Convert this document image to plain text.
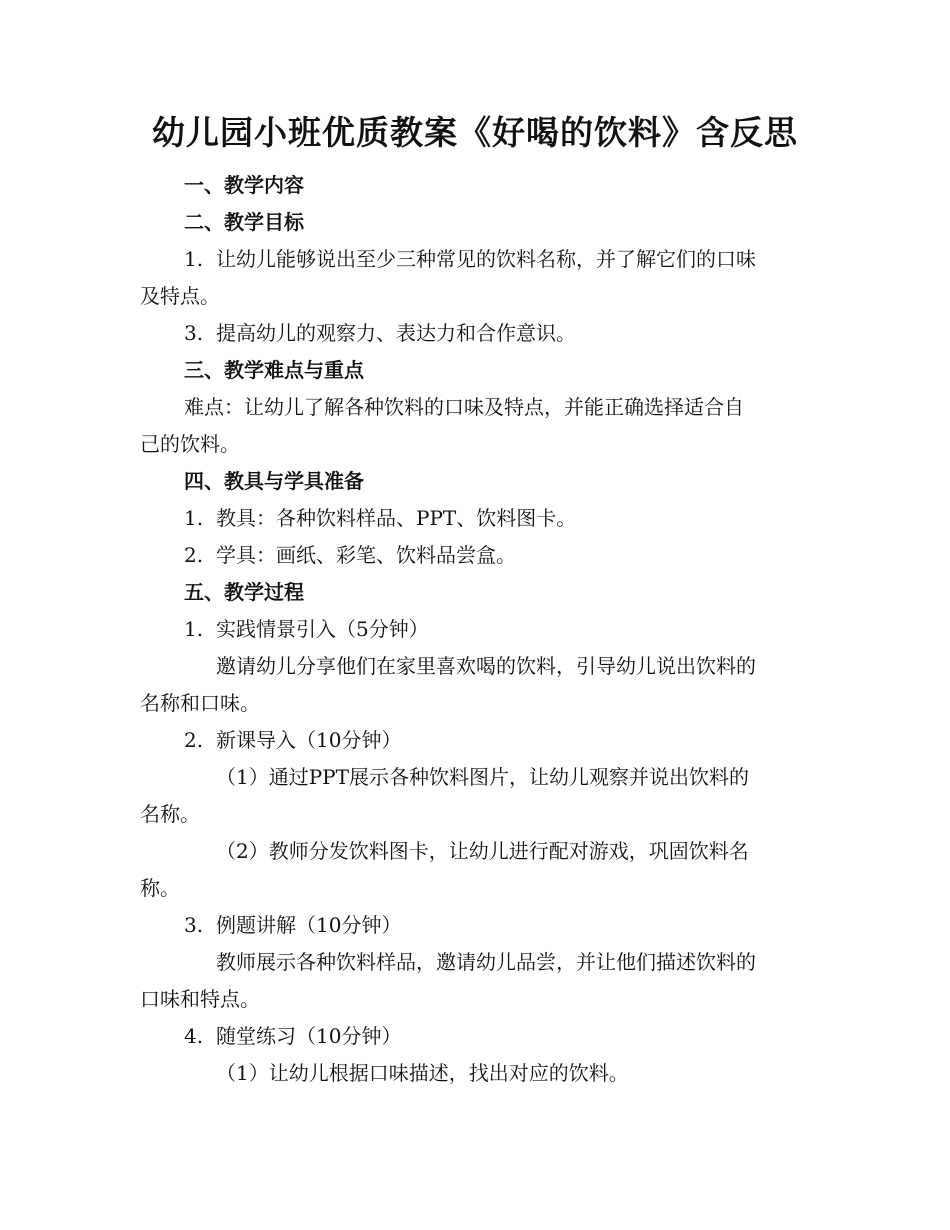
幼儿园小班优质教案《好喝的饮料》含反思
一、教学内容
二、教学目标
1. 让幼儿能够说出至少三种常见的饮料名称，并了解它们的口味
及特点。
3. 提高幼儿的观察力、表达力和合作意识。
三、教学难点与重点
难点：让幼儿了解各种饮料的口味及特点，并能正确选择适合自
己的饮料。
四、教具与学具准备
1. 教具：各种饮料样品、PPT、饮料图卡。
2. 学具：画纸、彩笔、饮料品尝盒。
五、教学过程
1. 实践情景引入（5分钟）
邀请幼儿分享他们在家里喜欢喝的饮料，引导幼儿说出饮料的
名称和口味。
2. 新课导入（10分钟）
（1）通过PPT展示各种饮料图片，让幼儿观察并说出饮料的
名称。
（2）教师分发饮料图卡，让幼儿进行配对游戏，巩固饮料名
称。
3. 例题讲解（10分钟）
教师展示各种饮料样品，邀请幼儿品尝，并让他们描述饮料的
口味和特点。
4. 随堂练习（10分钟）
（1）让幼儿根据口味描述，找出对应的饮料。
